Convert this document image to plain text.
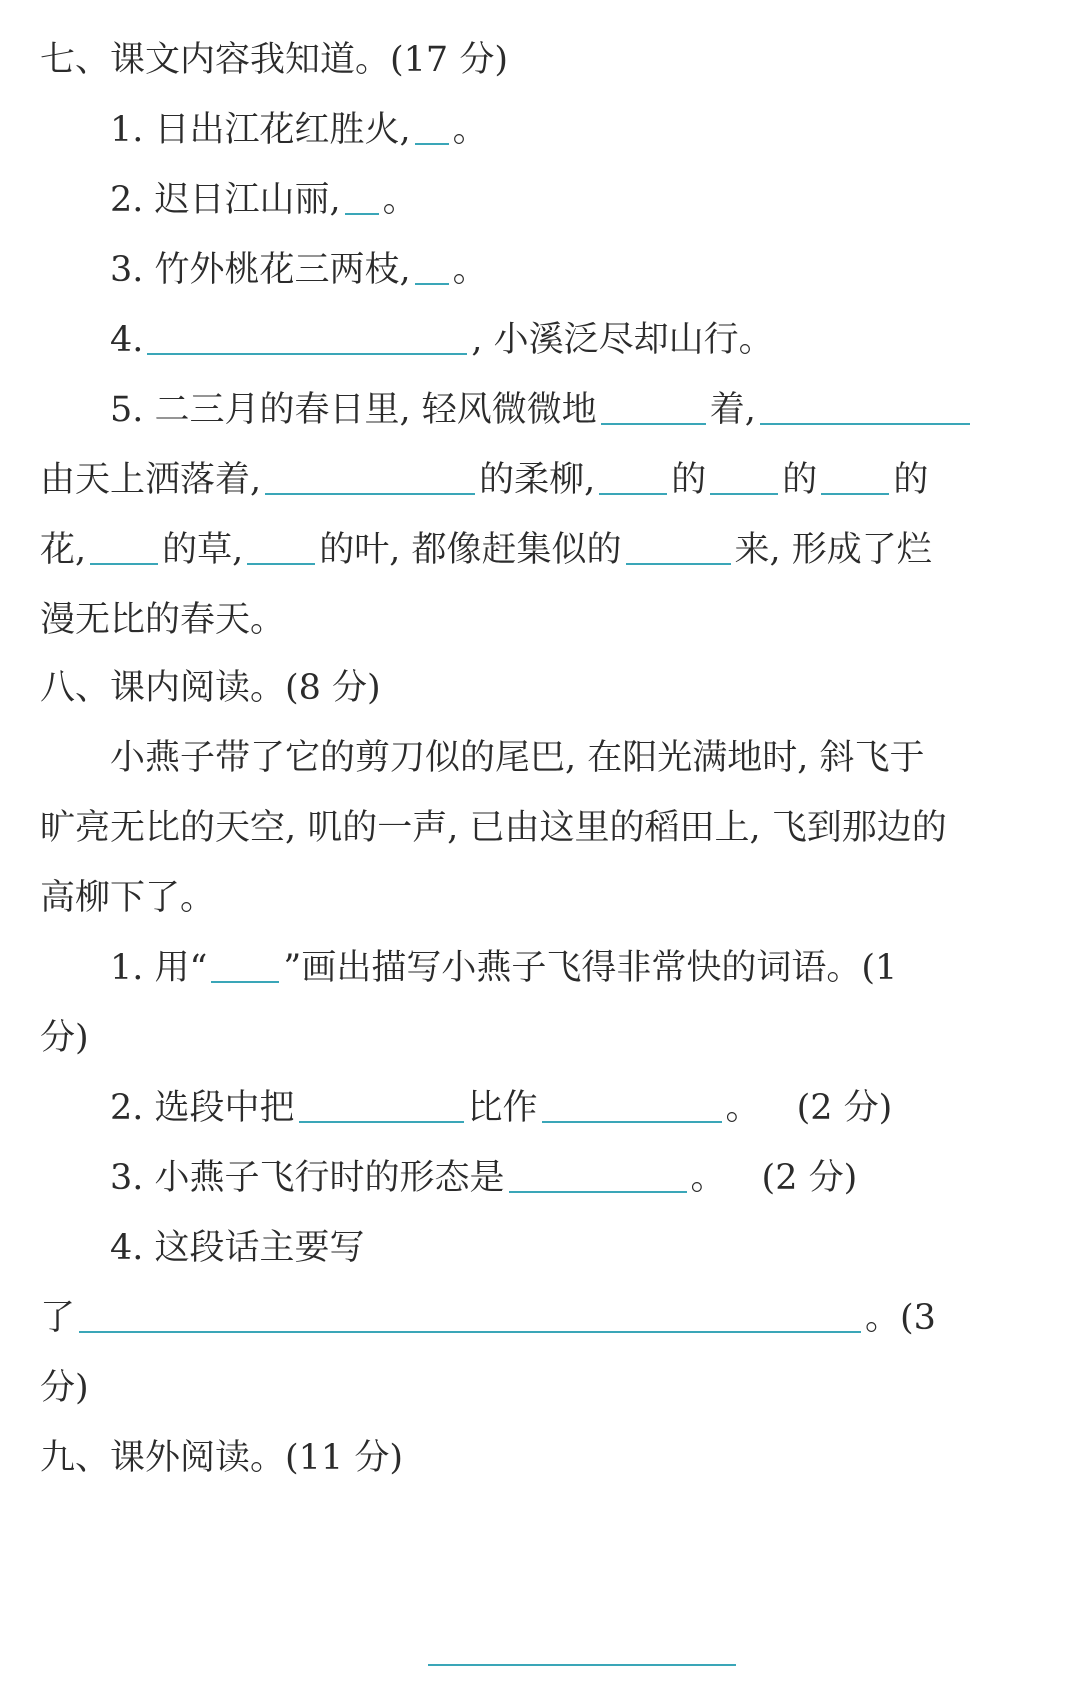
七、课文内容我知道。(17 分)
1. 日出江花红胜火, 。
2. 迟日江山丽, 。
3. 竹外桃花三两枝, 。
4.	, 小溪泛尽却山行。
5. 二三月的春日里, 轻风微微地	着,
由天上洒落着,	的柔柳, 的 的 的
花, 的草, 的叶, 都像赶集似的	来, 形成了烂
漫无比的春天。
八、课内阅读。(8 分)
小燕子带了它的剪刀似的尾巴, 在阳光满地时, 斜飞于
旷亮无比的天空, 叽的一声, 已由这里的稻田上, 飞到那边的
高柳下了。
1. 用“ ”画出描写小燕子飞得非常快的词语。(1
分)
2. 选段中把	比作	。 (2 分)
3. 小燕子飞行时的形态是	。 (2 分)
4. 这段话主要写
了	。(3
分)
九、课外阅读。(11 分)
